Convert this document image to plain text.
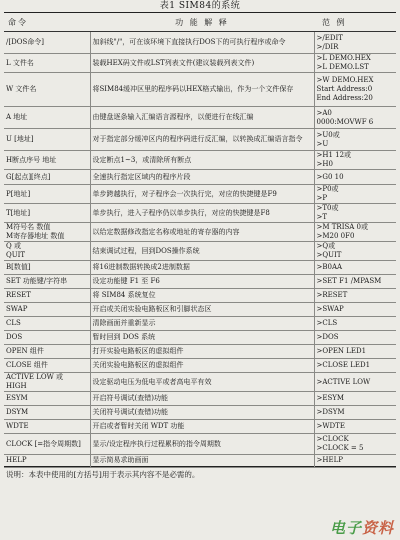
表1 SIM84的系统
命令	功 能 解 释	范 例
/[DOS命令]	加斜线"/"，可在该环境下直接执行DOS下的可执行程序或命令	>/EDIT
>/DIR
L 文件名	装载HEX码文件或LST列表文件(建议装载列表文件)	>L DEMO.HEX
>L DEMO.LST
W 文件名	将SIM84缓冲区里的程序码以HEX格式输出，作为一个文件保存	>W DEMO.HEX
Start Address:0
End Address:20
A 地址	由键盘逐条输入汇编语言源程序，以便进行在线汇编	>A0
0000:MOVWF 6
U [地址]	对于指定部分缓冲区内的程序码进行反汇编，以转换成汇编语言指令	>U0或
>U
H断点序号 地址	设定断点1~3，或清除所有断点	>H1 12或
>H0
G[起点][终点]	全速执行指定区域内的程序片段	>G0 10
P[地址]	单步跨越执行，对子程序会一次执行完，对应的快捷键是F9	>P0或
>P
T[地址]	单步执行，进入子程序仍以单步执行，对应的快捷键是F8	>T0或
>T
M符号名 数值
M寄存器地址 数值	以给定数据修改指定名称或地址的寄存器的内容	>M TRISA 0或
>M20 0F0
Q 或
QUIT	结束调试过程，回到DOS操作系统	>Q或
>QUIT
B[数值]	将16进制数据转换成2进制数据	>B0AA
SET 功能键/字符串	设定功能键 F1 至 F6	>SET F1 /MPASM
RESET	将 SIM84 系统复位	>RESET
SWAP	开启或关闭实验电路板区和引脚状态区	>SWAP
CLS	清除画面并重新显示	>CLS
DOS	暂时回到 DOS 系统	>DOS
OPEN 组件	打开实验电路板区的虚拟组件	>OPEN LED1
CLOSE 组件	关闭实验电路板区的虚拟组件	>CLOSE LED1
ACTIVE LOW 或
HIGH	设定驱动电压为低电平或者高电平有效	>ACTIVE LOW
ESYM	开启符号调试(查错)功能	>ESYM
DSYM	关闭符号调试(查错)功能	>DSYM
WDTE	开启或者暂时关闭 WDT 功能	>WDTE
CLOCK [=指令周期数]	显示/设定程序执行过程累积的指令周期数	>CLOCK
>CLOCK = 5
HELP	显示简易求助画面	>HELP
说明：本表中使用的[方括号]用于表示其内容不是必需的。
电子资料
